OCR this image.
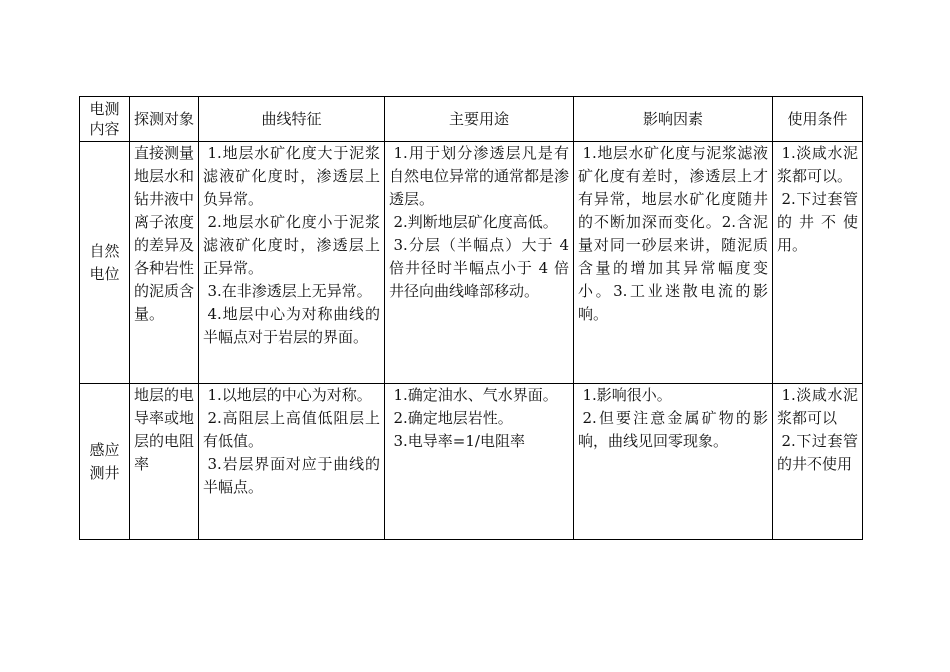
电测内容	探测对象	曲线特征	主要用途	影响因素	使用条件
自然电位	直接测量地层水和钻井液中离子浓度的差异及各种岩性的泥质含量。	1.地层水矿化度大于泥浆滤液矿化度时，渗透层上负异常。
2.地层水矿化度小于泥浆滤液矿化度时，渗透层上正异常。
3.在非渗透层上无异常。
4.地层中心为对称曲线的半幅点对于岩层的界面。	1.用于划分渗透层凡是有自然电位异常的通常都是渗透层。
2.判断地层矿化度高低。
3.分层（半幅点）大于 4 倍井径时半幅点小于 4 倍井径向曲线峰部移动。	1.地层水矿化度与泥浆滤液矿化度有差时，渗透层上才有异常，地层水矿化度随井的不断加深而变化。2.含泥量对同一砂层来讲，随泥质含量的增加其异常幅度变小。3.工业迷散电流的影响。	1.淡咸水泥浆都可以。
2.下过套管的井不使用。

感应测井	地层的电导率或地层的电阻率	1.以地层的中心为对称。
2.高阻层上高值低阻层上有低值。
3.岩层界面对应于曲线的半幅点。	1.确定油水、气水界面。
2.确定地层岩性。
3.电导率=1/电阻率	1.影响很小。
2.但要注意金属矿物的影响，曲线见回零现象。	1.淡咸水泥浆都可以
2.下过套管的井不使用
